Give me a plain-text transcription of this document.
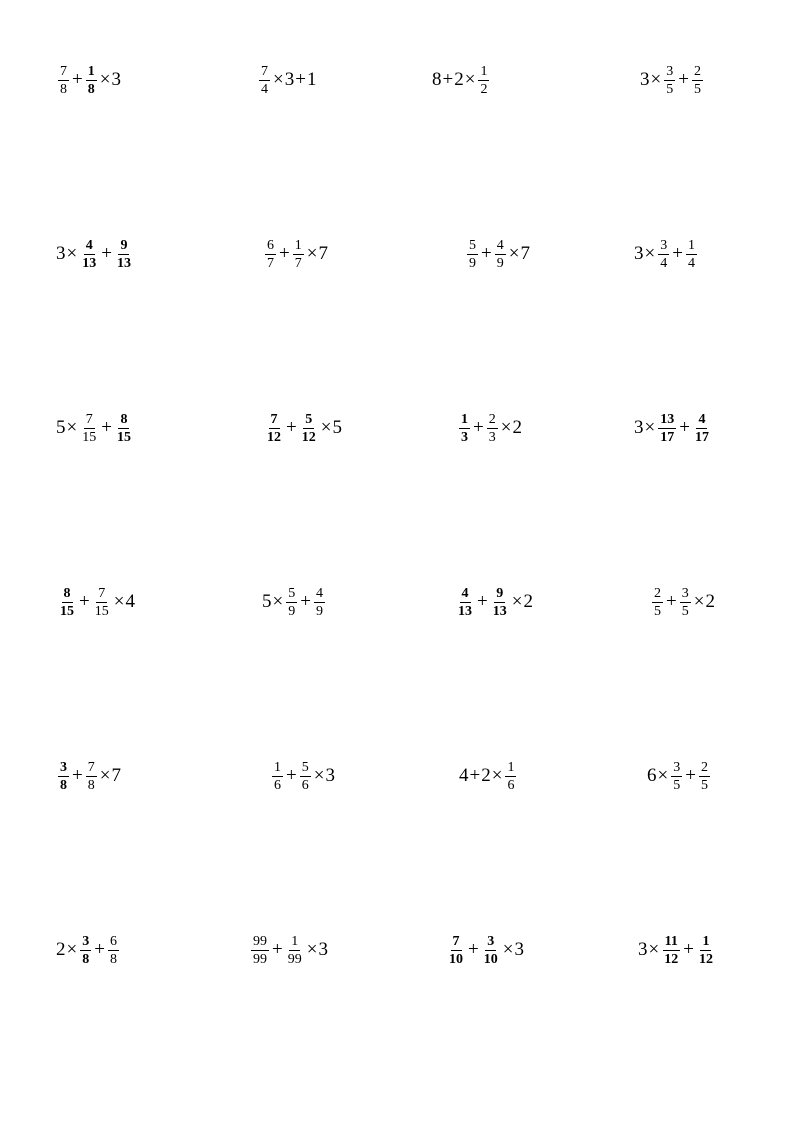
$\frac{7}{8} + \frac{1}{8} \times 3$	$\frac{7}{4} \times 3 + 1$	$8 + 2 \times \frac{1}{2}$	$3 \times \frac{3}{5} + \frac{2}{5}$
$3 \times \frac{4}{13} + \frac{9}{13}$	$\frac{6}{7} + \frac{1}{7} \times 7$	$\frac{5}{9} + \frac{4}{9} \times 7$	$3 \times \frac{3}{4} + \frac{1}{4}$
$5 \times \frac{7}{15} + \frac{8}{15}$	$\frac{7}{12} + \frac{5}{12} \times 5$	$\frac{1}{3} + \frac{2}{3} \times 2$	$3 \times \frac{13}{17} + \frac{4}{17}$
$\frac{8}{15} + \frac{7}{15} \times 4$	$5 \times \frac{5}{9} + \frac{4}{9}$	$\frac{4}{13} + \frac{9}{13} \times 2$	$\frac{2}{5} + \frac{3}{5} \times 2$
$\frac{3}{8} + \frac{7}{8} \times 7$	$\frac{1}{6} + \frac{5}{6} \times 3$	$4 + 2 \times \frac{1}{6}$	$6 \times \frac{3}{5} + \frac{2}{5}$
$2 \times \frac{3}{8} + \frac{6}{8}$	$\frac{99}{99} + \frac{1}{99} \times 3$	$\frac{7}{10} + \frac{3}{10} \times 3$	$3 \times \frac{11}{12} + \frac{1}{12}$
